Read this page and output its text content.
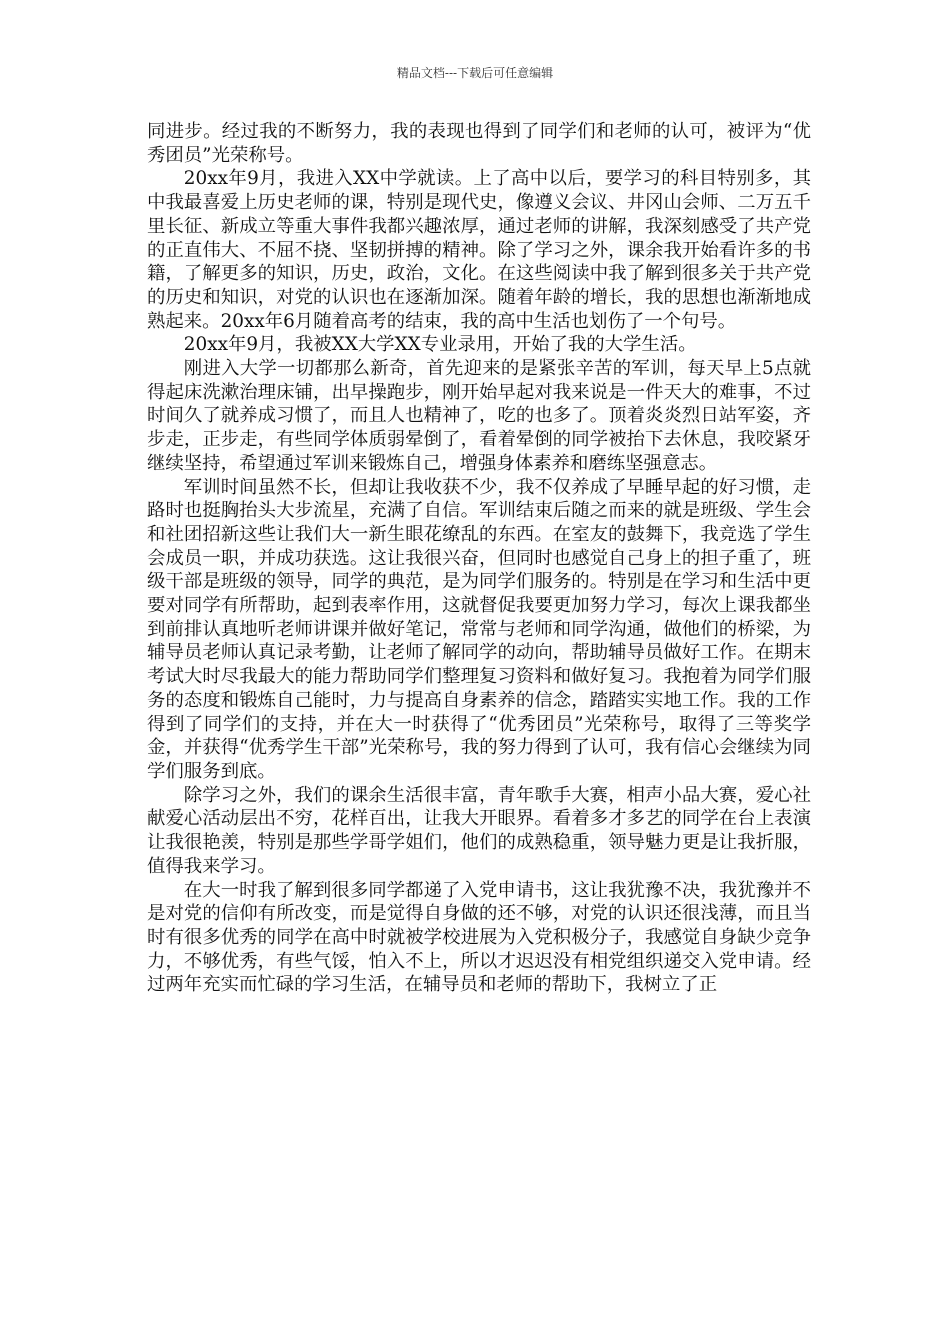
精品文档---下载后可任意编辑

同进步。经过我的不断努力，我的表现也得到了同学们和老师的认可，被评为“优秀团员”光荣称号。

20xx年9月，我进入XX中学就读。上了高中以后，要学习的科目特别多，其中我最喜爱上历史老师的课，特别是现代史，像遵义会议、井冈山会师、二万五千里长征、新成立等重大事件我都兴趣浓厚，通过老师的讲解，我深刻感受了共产党的正直伟大、不屈不挠、坚韧拼搏的精神。除了学习之外，课余我开始看许多的书籍，了解更多的知识，历史，政治，文化。在这些阅读中我了解到很多关于共产党的历史和知识，对党的认识也在逐渐加深。随着年龄的增长，我的思想也渐渐地成熟起来。20xx年6月随着高考的结束，我的高中生活也划伤了一个句号。

20xx年9月，我被XX大学XX专业录用，开始了我的大学生活。

刚进入大学一切都那么新奇，首先迎来的是紧张辛苦的军训，每天早上5点就得起床洗漱治理床铺，出早操跑步，刚开始早起对我来说是一件天大的难事，不过时间久了就养成习惯了，而且人也精神了，吃的也多了。顶着炎炎烈日站军姿，齐步走，正步走，有些同学体质弱晕倒了，看着晕倒的同学被抬下去休息，我咬紧牙继续坚持，希望通过军训来锻炼自己，增强身体素养和磨练坚强意志。

军训时间虽然不长，但却让我收获不少，我不仅养成了早睡早起的好习惯，走路时也挺胸抬头大步流星，充满了自信。军训结束后随之而来的就是班级、学生会和社团招新这些让我们大一新生眼花缭乱的东西。在室友的鼓舞下，我竞选了学生会成员一职，并成功获选。这让我很兴奋，但同时也感觉自己身上的担子重了，班级干部是班级的领导，同学的典范，是为同学们服务的。特别是在学习和生活中更要对同学有所帮助，起到表率作用，这就督促我要更加努力学习，每次上课我都坐到前排认真地听老师讲课并做好笔记，常常与老师和同学沟通，做他们的桥梁，为辅导员老师认真记录考勤，让老师了解同学的动向，帮助辅导员做好工作。在期末考试大时尽我最大的能力帮助同学们整理复习资料和做好复习。我抱着为同学们服务的态度和锻炼自己能时，力与提高自身素养的信念，踏踏实实地工作。我的工作得到了同学们的支持，并在大一时获得了“优秀团员”光荣称号，取得了三等奖学金，并获得“优秀学生干部”光荣称号，我的努力得到了认可，我有信心会继续为同学们服务到底。

除学习之外，我们的课余生活很丰富，青年歌手大赛，相声小品大赛，爱心社献爱心活动层出不穷，花样百出，让我大开眼界。看着多才多艺的同学在台上表演让我很艳羡，特别是那些学哥学姐们，他们的成熟稳重，领导魅力更是让我折服，值得我来学习。

在大一时我了解到很多同学都递了入党申请书，这让我犹豫不决，我犹豫并不是对党的信仰有所改变，而是觉得自身做的还不够，对党的认识还很浅薄，而且当时有很多优秀的同学在高中时就被学校进展为入党积极分子，我感觉自身缺少竞争力，不够优秀，有些气馁，怕入不上，所以才迟迟没有相党组织递交入党申请。经过两年充实而忙碌的学习生活，在辅导员和老师的帮助下，我树立了正
